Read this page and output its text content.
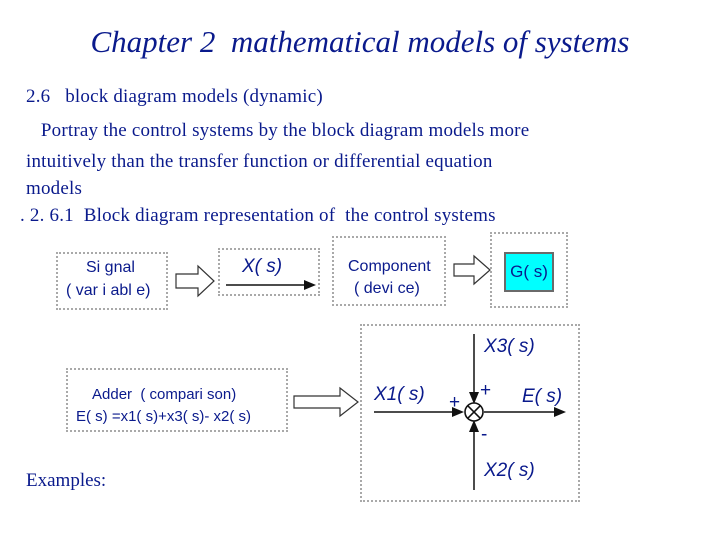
Chapter 2  mathematical models of systems
2.6   block diagram models (dynamic)
Portray the control systems by the block diagram models more
intuitively than the transfer function or differential equation
models
. 2. 6.1  Block diagram representation of  the control systems
Si gnal
( var i abl e)
X( s)	Component
( devi ce)
G( s)
Adder  ( compari son)
E( s) =x1( s)+x3( s)- x2( s)
X3( s)
X1( s)	E( s)
X2( s)
+
+
-
Examples:
